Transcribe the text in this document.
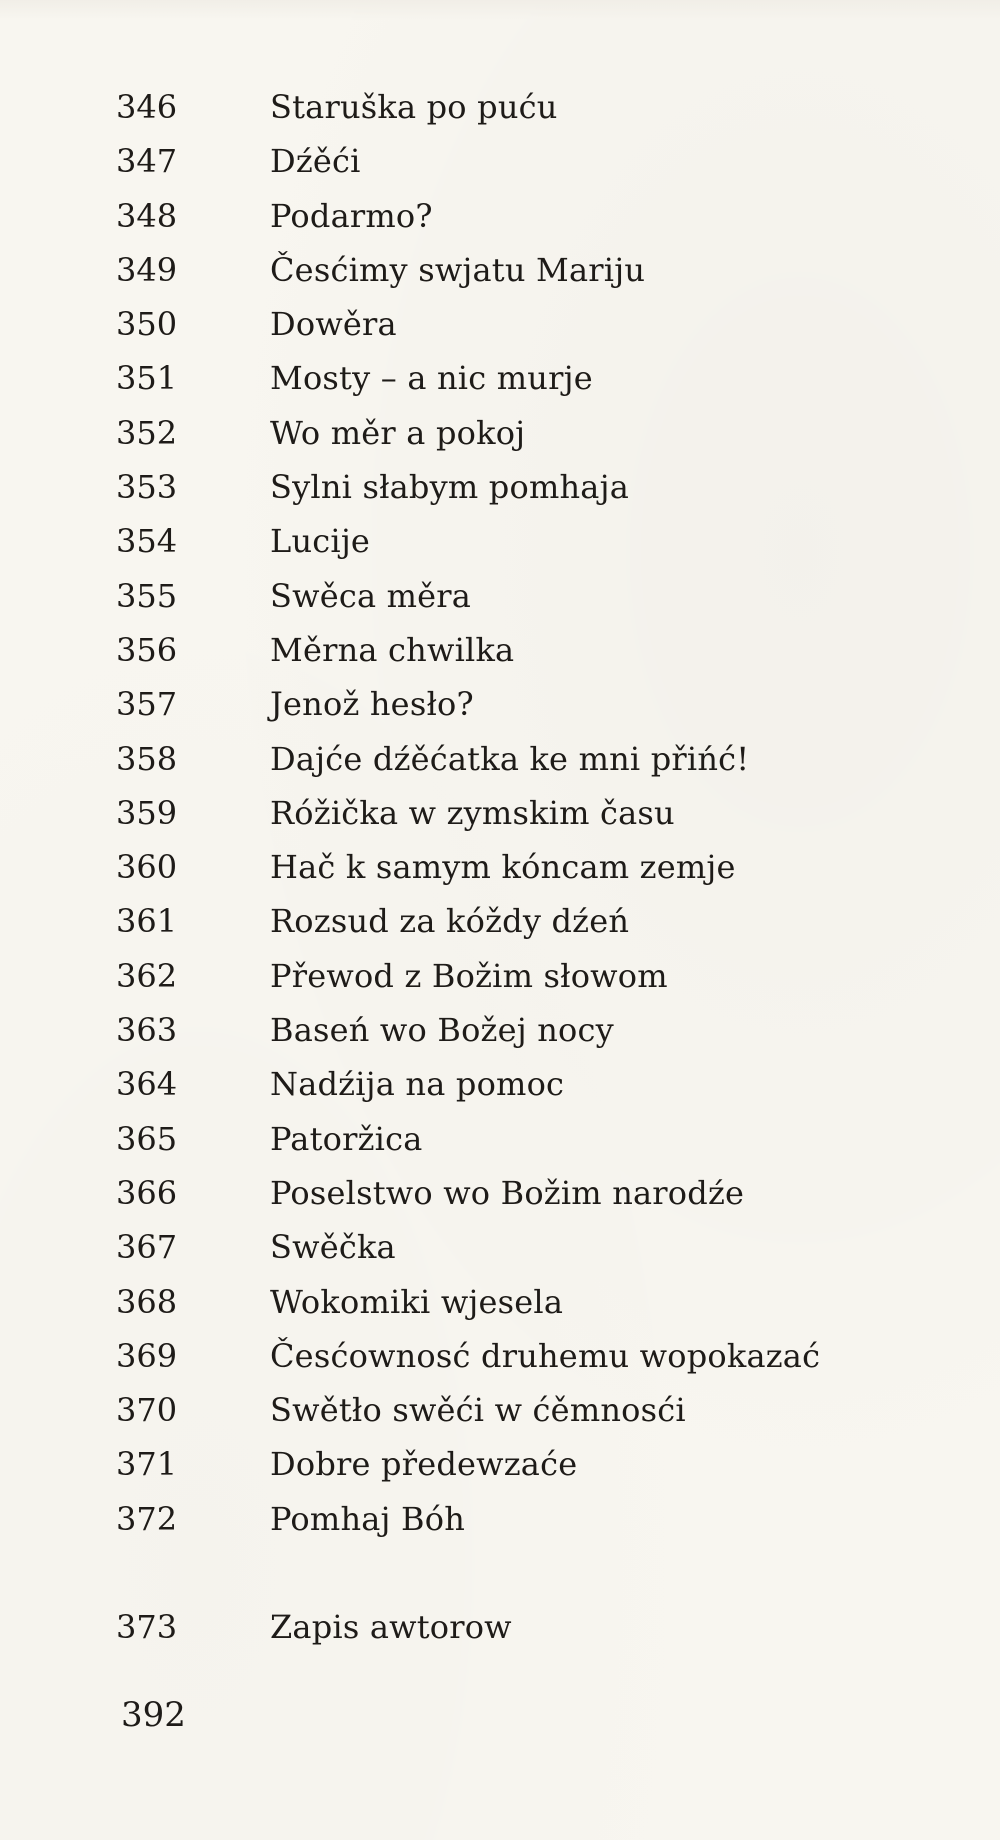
346	Staruška po puću
347	Dźěći
348	Podarmo?
349	Česćimy swjatu Mariju
350	Dowěra
351	Mosty – a nic murje
352	Wo měr a pokoj
353	Sylni słabym pomhaja
354	Lucije
355	Swěca měra
356	Měrna chwilka
357	Jenož hesło?
358	Dajće dźěćatka ke mni přińć!
359	Róžička w zymskim času
360	Hač k samym kóncam zemje
361	Rozsud za kóždy dźeń
362	Přewod z Božim słowom
363	Baseń wo Božej nocy
364	Nadźija na pomoc
365	Patoržica
366	Poselstwo wo Božim narodźe
367	Swěčka
368	Wokomiki wjesela
369	Česćownosć druhemu wopokazać
370	Swětło swěći w ćěmnosći
371	Dobre předewzaće
372	Pomhaj Bóh
373	Zapis awtorow
392
